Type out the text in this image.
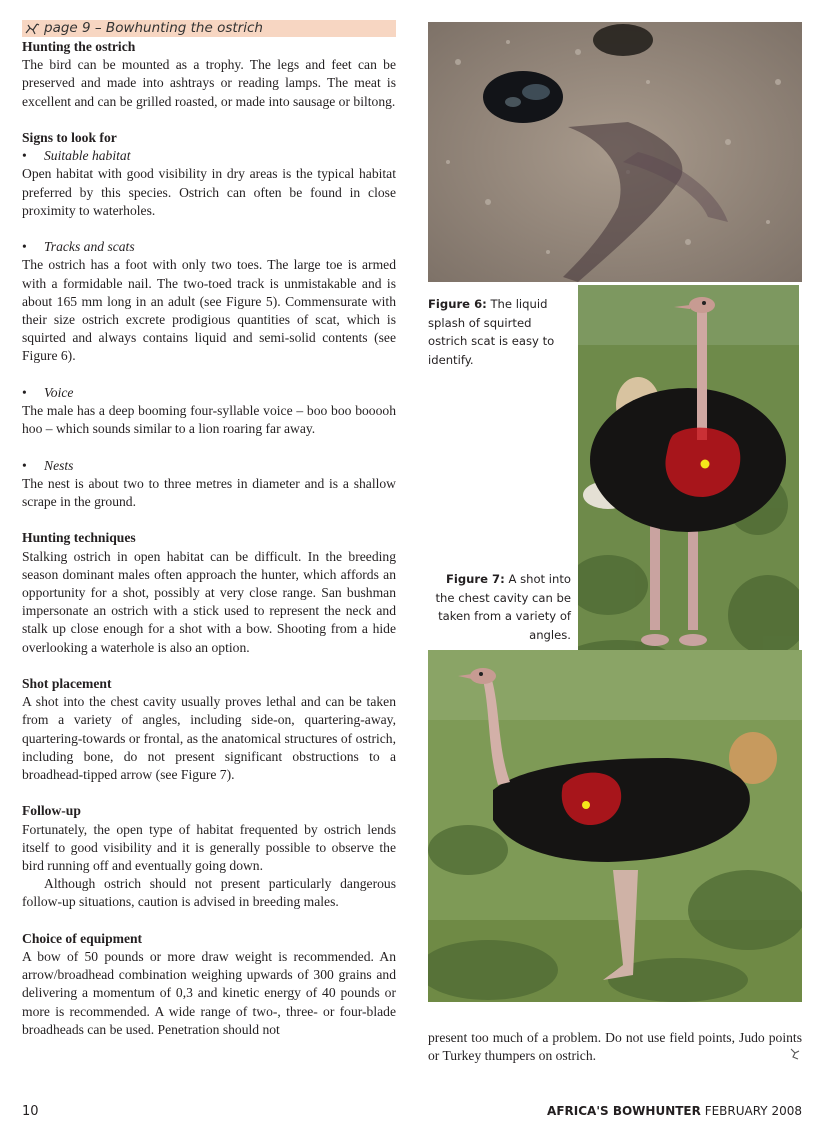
page 9 – Bowhunting the ostrich
Hunting the ostrich

The bird can be mounted as a trophy. The legs and feet can be preserved and made into ashtrays or reading lamps. The meat is excellent and can be grilled roasted, or made into sausage or biltong.

Signs to look for

• Suitable habitat

Open habitat with good visibility in dry areas is the typical habitat preferred by this species. Ostrich can often be found in close proximity to waterholes.

• Tracks and scats

The ostrich has a foot with only two toes. The large toe is armed with a formidable nail. The two-toed track is unmistakable and is about 165 mm long in an adult (see Figure 5). Commensurate with their size ostrich excrete prodigious quantities of scat, which is squirted and always contains liquid and semi-solid contents (see Figure 6).

• Voice

The male has a deep booming four-syllable voice – boo boo booooh hoo – which sounds similar to a lion roaring far away.

• Nests

The nest is about two to three metres in diameter and is a shallow scrape in the ground.

Hunting techniques

Stalking ostrich in open habitat can be difficult. In the breeding season dominant males often approach the hunter, which affords an opportunity for a shot, possibly at very close range. San bushman impersonate an ostrich with a stick used to represent the neck and stalk up close enough for a shot with a bow. Shooting from a hide overlooking a waterhole is also an option.

Shot placement

A shot into the chest cavity usually proves lethal and can be taken from a variety of angles, including side-on, quartering-away, quartering-towards or frontal, as the anatomical structures of ostrich, including bone, do not present significant obstructions to a broadhead-tipped arrow (see Figure 7).

Follow-up

Fortunately, the open type of habitat frequented by ostrich lends itself to good visibility and it is generally possible to observe the bird running off and eventually going down.

Although ostrich should not present particularly dangerous follow-up situations, caution is advised in breeding males.

Choice of equipment

A bow of 50 pounds or more draw weight is recommended. An arrow/broadhead combination weighing upwards of 300 grains and delivering a momentum of 0,3 and kinetic energy of 40 pounds or more is recommended. A wide range of two-, three- or four-blade broadheads can be used. Penetration should not

Figure 6: The liquid splash of squirted ostrich scat is easy to identify.
Figure 7: A shot into the chest cavity can be taken from a variety of angles.

present too much of a problem. Do not use field points, Judo points or Turkey thumpers on ostrich.

10	AFRICA'S BOWHUNTER FEBRUARY 2008
